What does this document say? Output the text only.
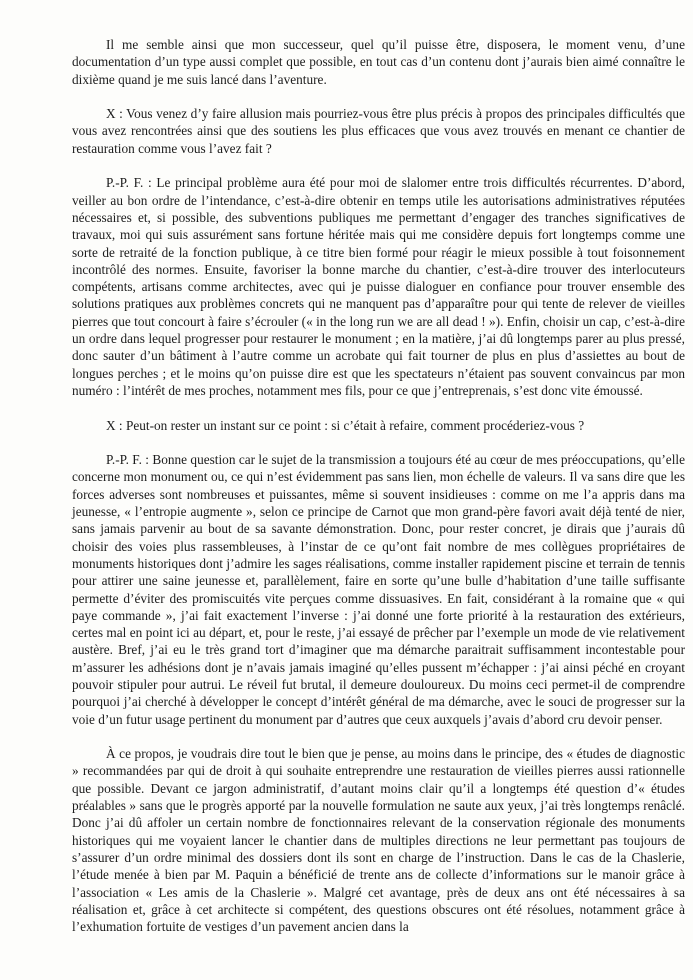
Il me semble ainsi que mon successeur, quel qu’il puisse être, disposera, le moment venu, d’une documentation d’un type aussi complet que possible, en tout cas d’un contenu dont j’aurais bien aimé connaître le dixième quand je me suis lancé dans l’aventure.

X : Vous venez d’y faire allusion mais pourriez-vous être plus précis à propos des principales difficultés que vous avez rencontrées ainsi que des soutiens les plus efficaces que vous avez trouvés en menant ce chantier de restauration comme vous l’avez fait ?

P.-P. F. : Le principal problème aura été pour moi de slalomer entre trois difficultés récurrentes. D’abord, veiller au bon ordre de l’intendance, c’est-à-dire obtenir en temps utile les autorisations administratives réputées nécessaires et, si possible, des subventions publiques me permettant d’engager des tranches significatives de travaux, moi qui suis assurément sans fortune héritée mais qui me considère depuis fort longtemps comme une sorte de retraité de la fonction publique, à ce titre bien formé pour réagir le mieux possible à tout foisonnement incontrôlé des normes. Ensuite, favoriser la bonne marche du chantier, c’est-à-dire trouver des interlocuteurs compétents, artisans comme architectes, avec qui je puisse dialoguer en confiance pour trouver ensemble des solutions pratiques aux problèmes concrets qui ne manquent pas d’apparaître pour qui tente de relever de vieilles pierres que tout concourt à faire s’écrouler (« in the long run we are all dead ! »). Enfin, choisir un cap, c’est-à-dire un ordre dans lequel progresser pour restaurer le monument ; en la matière, j’ai dû longtemps parer au plus pressé, donc sauter d’un bâtiment à l’autre comme un acrobate qui fait tourner de plus en plus d’assiettes au bout de longues perches ; et le moins qu’on puisse dire est que les spectateurs n’étaient pas souvent convaincus par mon numéro : l’intérêt de mes proches, notamment mes fils, pour ce que j’entreprenais, s’est donc vite émoussé.

X : Peut-on rester un instant sur ce point : si c’était à refaire, comment procéderiez-vous ?

P.-P. F. : Bonne question car le sujet de la transmission a toujours été au cœur de mes préoccupations, qu’elle concerne mon monument ou, ce qui n’est évidemment pas sans lien, mon échelle de valeurs. Il va sans dire que les forces adverses sont nombreuses et puissantes, même si souvent insidieuses : comme on me l’a appris dans ma jeunesse, « l’entropie augmente », selon ce principe de Carnot que mon grand-père favori avait déjà tenté de nier, sans jamais parvenir au bout de sa savante démonstration. Donc, pour rester concret, je dirais que j’aurais dû choisir des voies plus rassembleuses, à l’instar de ce qu’ont fait nombre de mes collègues propriétaires de monuments historiques dont j’admire les sages réalisations, comme installer rapidement piscine et terrain de tennis pour attirer une saine jeunesse et, parallèlement, faire en sorte qu’une bulle d’habitation d’une taille suffisante permette d’éviter des promiscuités vite perçues comme dissuasives. En fait, considérant à la romaine que « qui paye commande », j’ai fait exactement l’inverse : j’ai donné une forte priorité à la restauration des extérieurs, certes mal en point ici au départ, et, pour le reste, j’ai essayé de prêcher par l’exemple un mode de vie relativement austère. Bref, j’ai eu le très grand tort d’imaginer que ma démarche paraitrait suffisamment incontestable pour m’assurer les adhésions dont je n’avais jamais imaginé qu’elles pussent m’échapper : j’ai ainsi péché en croyant pouvoir stipuler pour autrui. Le réveil fut brutal, il demeure douloureux. Du moins ceci permet-il de comprendre pourquoi j’ai cherché à développer le concept d’intérêt général de ma démarche, avec le souci de progresser sur la voie d’un futur usage pertinent du monument par d’autres que ceux auxquels j’avais d’abord cru devoir penser.

À ce propos, je voudrais dire tout le bien que je pense, au moins dans le principe, des « études de diagnostic » recommandées par qui de droit à qui souhaite entreprendre une restauration de vieilles pierres aussi rationnelle que possible. Devant ce jargon administratif, d’autant moins clair qu’il a longtemps été question d’« études préalables » sans que le progrès apporté par la nouvelle formulation ne saute aux yeux, j’ai très longtemps renâclé. Donc j’ai dû affoler un certain nombre de fonctionnaires relevant de la conservation régionale des monuments historiques qui me voyaient lancer le chantier dans de multiples directions ne leur permettant pas toujours de s’assurer d’un ordre minimal des dossiers dont ils sont en charge de l’instruction. Dans le cas de la Chaslerie, l’étude menée à bien par M. Paquin a bénéficié de trente ans de collecte d’informations sur le manoir grâce à l’association « Les amis de la Chaslerie ». Malgré cet avantage, près de deux ans ont été nécessaires à sa réalisation et, grâce à cet architecte si compétent, des questions obscures ont été résolues, notamment grâce à l’exhumation fortuite de vestiges d’un pavement ancien dans la
